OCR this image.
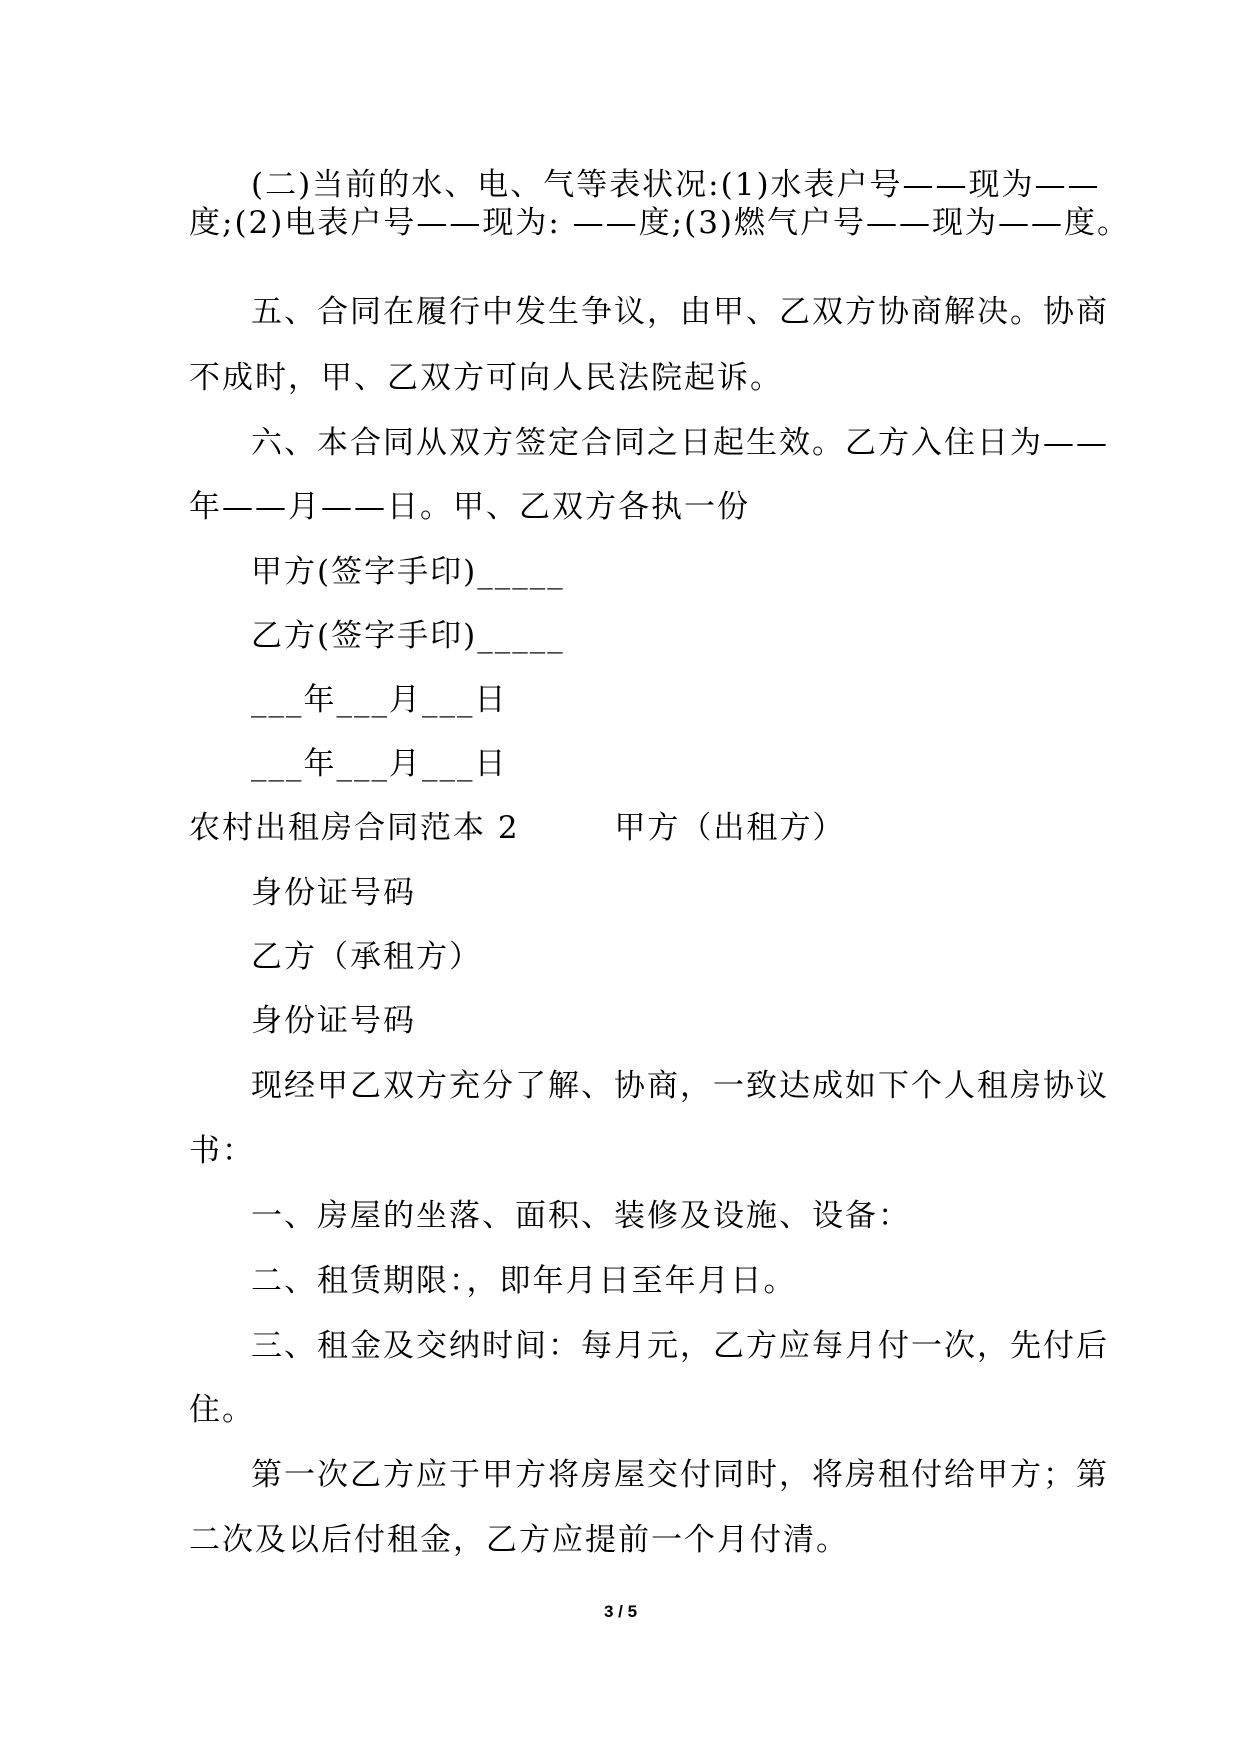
(二)当前的水、电、气等表状况:(1)水表户号——现为——
度;(2)电表户号——现为: ——度;(3)燃气户号——现为——度。
五、合同在履行中发生争议，由甲、乙双方协商解决。协商
不成时，甲、乙双方可向人民法院起诉。
六、本合同从双方签定合同之日起生效。乙方入住日为——
年——月——日。甲、乙双方各执一份
甲方(签字手印)_____
乙方(签字手印)_____
___年___月___日
___年___月___日
农村出租房合同范本 2        甲方（出租方）
身份证号码
乙方（承租方）
身份证号码
现经甲乙双方充分了解、协商，一致达成如下个人租房协议
书：
一、房屋的坐落、面积、装修及设施、设备：
二、租赁期限：，即年月日至年月日。
三、租金及交纳时间：每月元，乙方应每月付一次，先付后
住。
第一次乙方应于甲方将房屋交付同时，将房租付给甲方；第
二次及以后付租金，乙方应提前一个月付清。
3 / 5
